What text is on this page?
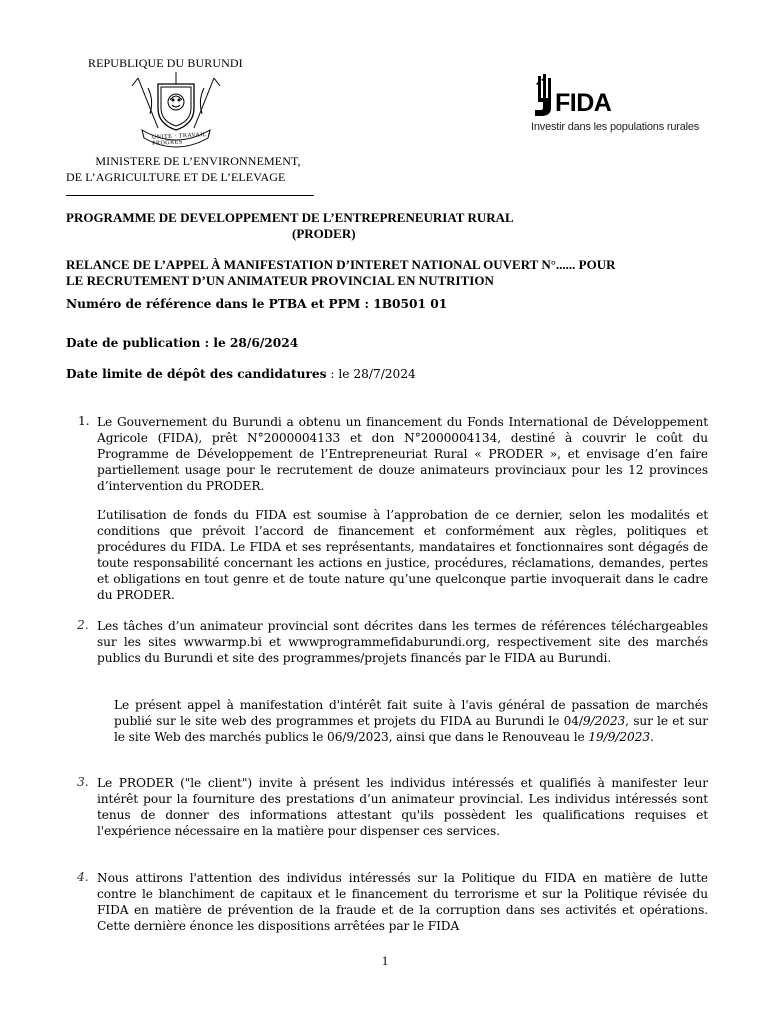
REPUBLIQUE DU BURUNDI
UNITE · TRAVAIL · PROGRES
MINISTERE DE L’ENVIRONNEMENT,
DE L’AGRICULTURE ET DE L’ELEVAGE
FIDA
Investir dans les populations rurales
PROGRAMME DE DEVELOPPEMENT DE L’ENTREPRENEURIAT RURAL
(PRODER)
RELANCE DE L’APPEL À MANIFESTATION D’INTERET NATIONAL OUVERT N°...... POUR
LE RECRUTEMENT D’UN ANIMATEUR PROVINCIAL EN NUTRITION
Numéro de référence dans le PTBA et PPM : 1B0501 01
Date de publication : le 28/6/2024
Date limite de dépôt des candidatures : le 28/7/2024
1. Le Gouvernement du Burundi a obtenu un financement du Fonds International de Développement Agricole (FIDA), prêt N°2000004133 et don N°2000004134, destiné à couvrir le coût du Programme de Développement de l’Entrepreneuriat Rural « PRODER », et envisage d’en faire partiellement usage pour le recrutement de douze animateurs provinciaux pour les 12 provinces d’intervention du PRODER.
L’utilisation de fonds du FIDA est soumise à l’approbation de ce dernier, selon les modalités et conditions que prévoit l’accord de financement et conformément aux règles, politiques et procédures du FIDA. Le FIDA et ses représentants, mandataires et fonctionnaires sont dégagés de toute responsabilité concernant les actions en justice, procédures, réclamations, demandes, pertes et obligations en tout genre et de toute nature qu’une quelconque partie invoquerait dans le cadre du PRODER.
2. Les tâches d’un animateur provincial sont décrites dans les termes de références téléchargeables sur les sites wwwarmp.bi et wwwprogrammefidaburundi.org, respectivement site des marchés publics du Burundi et site des programmes/projets financés par le FIDA au Burundi.
Le présent appel à manifestation d'intérêt fait suite à l'avis général de passation de marchés publié sur le site web des programmes et projets du FIDA au Burundi le 04/9/2023, sur le et sur le site Web des marchés publics le 06/9/2023, ainsi que dans le Renouveau le 19/9/2023.
3. Le PRODER ("le client") invite à présent les individus intéressés et qualifiés à manifester leur intérêt pour la fourniture des prestations d’un animateur provincial. Les individus intéressés sont tenus de donner des informations attestant qu'ils possèdent les qualifications requises et l'expérience nécessaire en la matière pour dispenser ces services.
4. Nous attirons l'attention des individus intéressés sur la Politique du FIDA en matière de lutte contre le blanchiment de capitaux et le financement du terrorisme et sur la Politique révisée du FIDA en matière de prévention de la fraude et de la corruption dans ses activités et opérations. Cette dernière énonce les dispositions arrêtées par le FIDA
1
